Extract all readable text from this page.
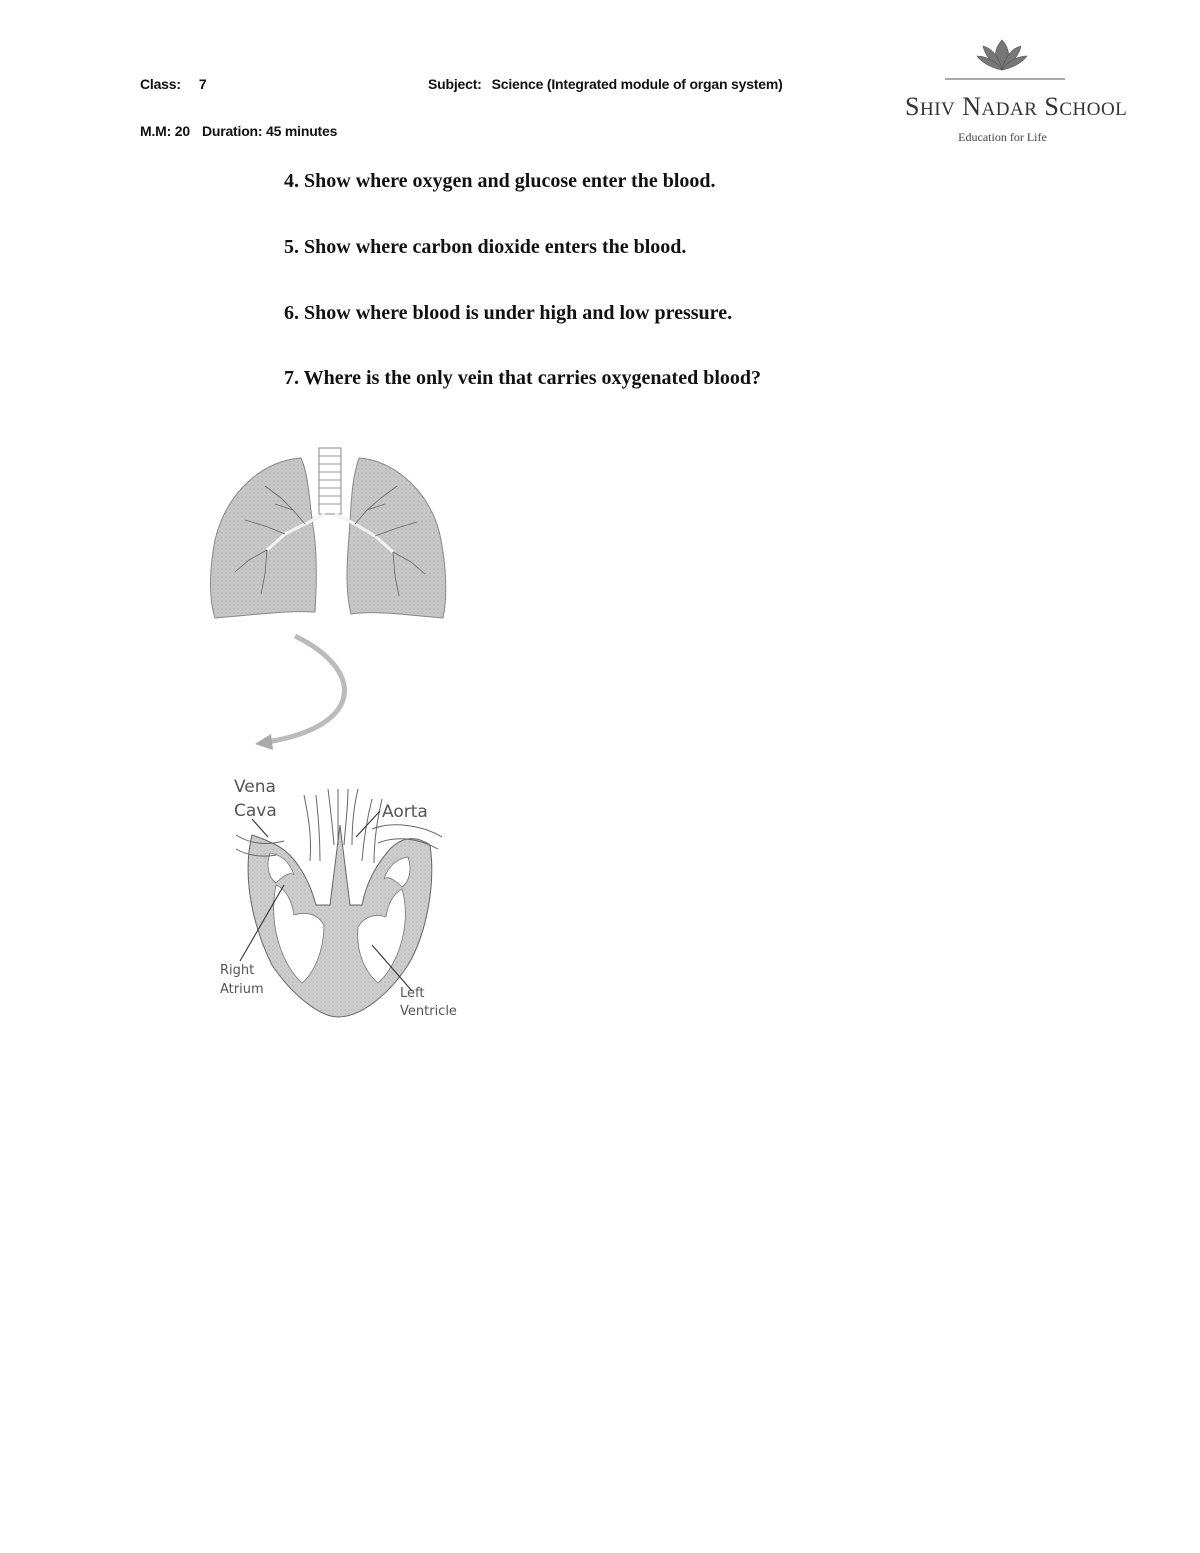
Class: 7	Subject: Science (Integrated module of organ system)
M.M: 20 Duration: 45 minutes
SHIV NADAR SCHOOL
Education for Life
4. Show where oxygen and glucose enter the blood.
5. Show where carbon dioxide enters the blood.
6. Show where blood is under high and low pressure.
7. Where is the only vein that carries oxygenated blood?
Vena
Cava	Aorta
Right
Atrium	Left
Ventricle
